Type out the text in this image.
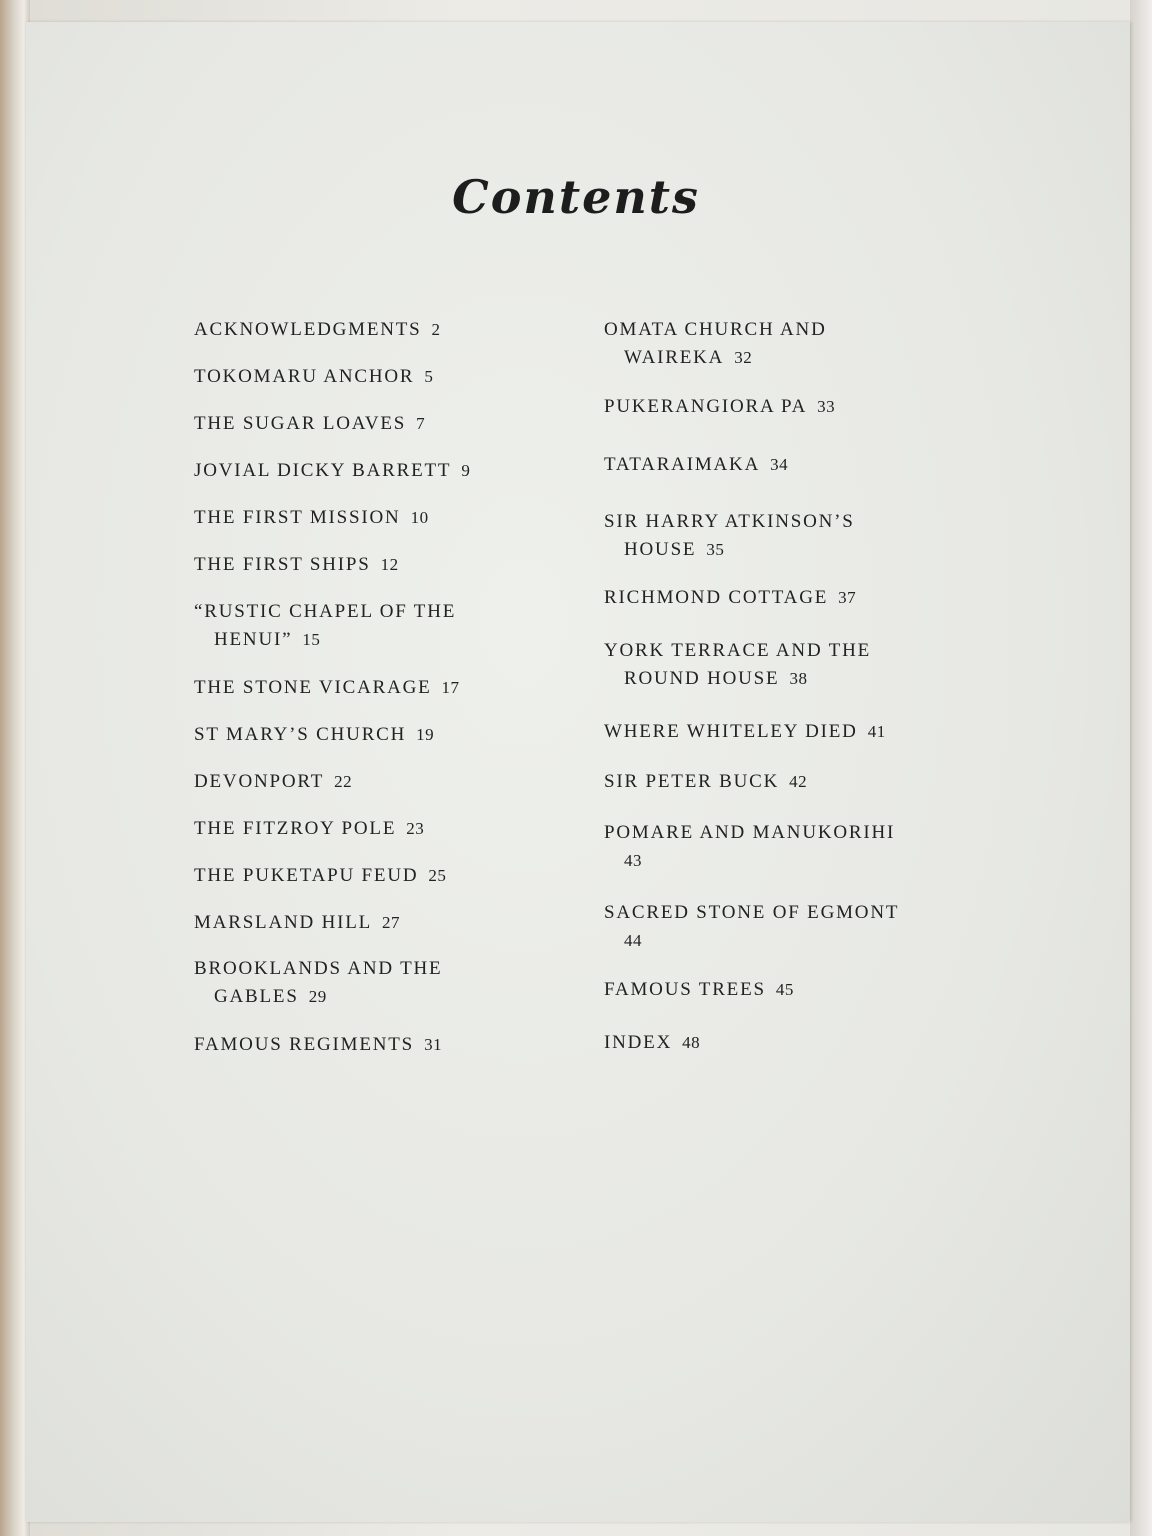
Contents
ACKNOWLEDGMENTS 2
TOKOMARU ANCHOR 5
THE SUGAR LOAVES 7
JOVIAL DICKY BARRETT 9
THE FIRST MISSION 10
THE FIRST SHIPS 12
“RUSTIC CHAPEL OF THE
HENUI” 15
THE STONE VICARAGE 17
ST MARY’S CHURCH 19
DEVONPORT 22
THE FITZROY POLE 23
THE PUKETAPU FEUD 25
MARSLAND HILL 27
BROOKLANDS AND THE
GABLES 29
FAMOUS REGIMENTS 31
OMATA CHURCH AND
WAIREKA 32
PUKERANGIORA PA 33
TATARAIMAKA 34
SIR HARRY ATKINSON’S
HOUSE 35
RICHMOND COTTAGE 37
YORK TERRACE AND THE
ROUND HOUSE 38
WHERE WHITELEY DIED 41
SIR PETER BUCK 42
POMARE AND MANUKORIHI
43
SACRED STONE OF EGMONT
44
FAMOUS TREES 45
INDEX 48
